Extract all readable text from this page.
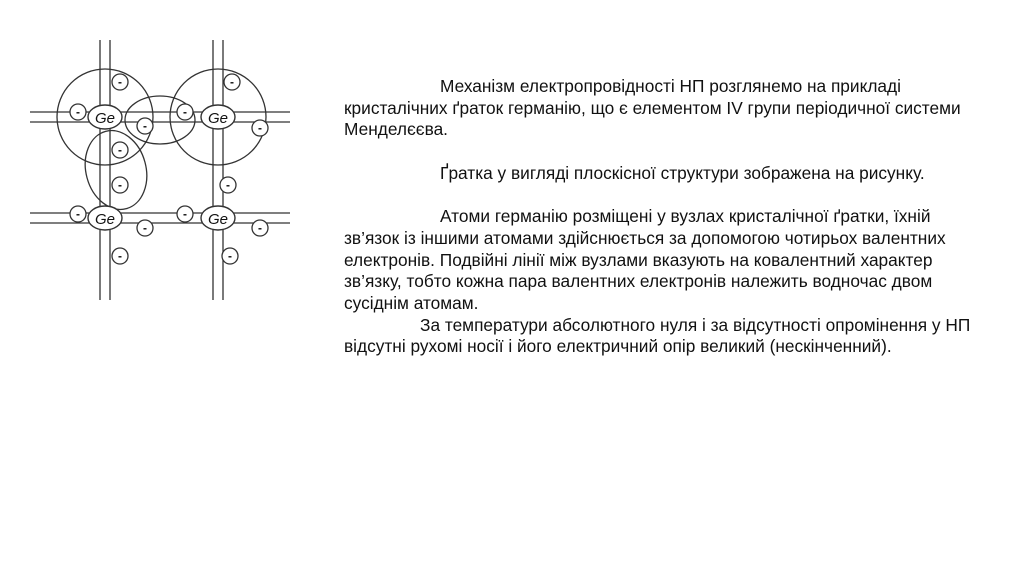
Ge	Ge
Ge	Ge
-
-
-
-
-
-
-
-
-
-
-
-
-
-
-

Механізм електропровідності НП розглянемо на прикладі кристалічних ґраток германію, що є елементом IV групи періодичної системи Менделєєва.

Ґратка у вигляді плоскісної структури зображена на рисунку.

Атоми германію розміщені у вузлах кристалічної ґратки, їхній зв’язок із іншими атомами здійснюється за допомогою чотирьох валентних електронів. Подвійні лінії між вузлами вказують на ковалентний характер зв’язку, тобто кожна пара валентних електронів належить водночас двом сусіднім атомам.

За температури абсолютного нуля і за відсутності опромінення у НП відсутні рухомі носії і його електричний опір великий (нескінченний).
